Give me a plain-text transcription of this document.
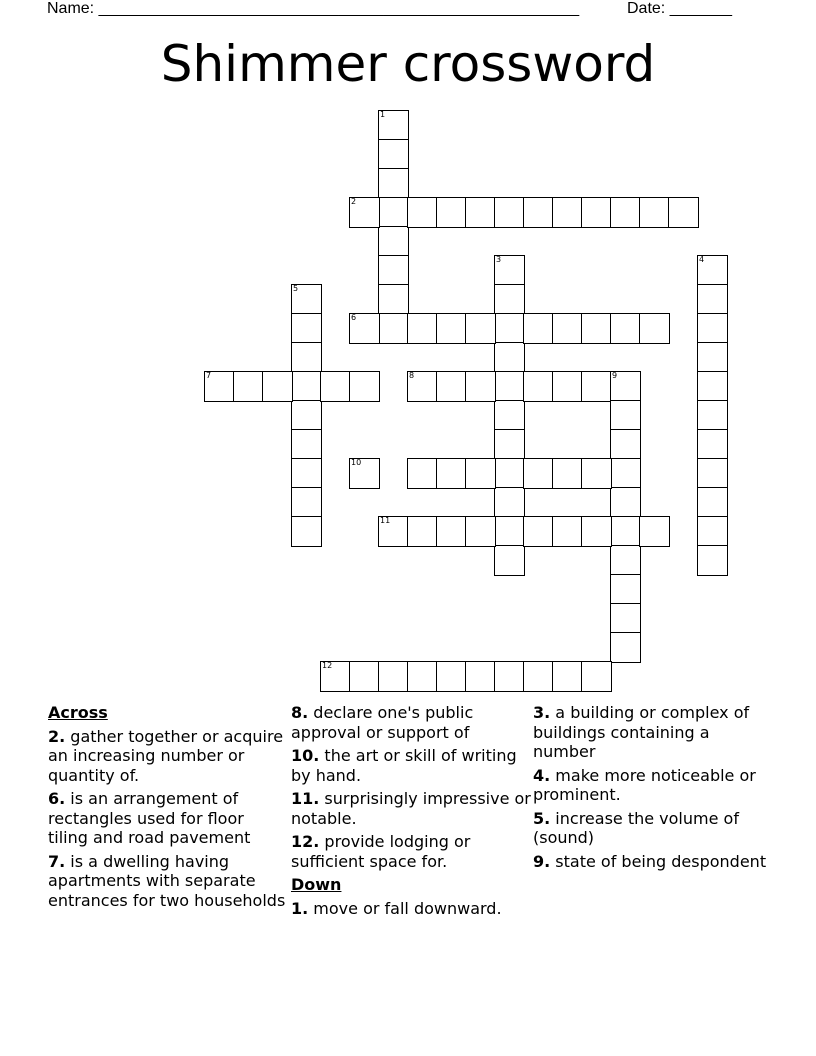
Name: ______________________________________________________	Date: _______
Shimmer crossword
1
2
3	4
5
6
7	8	9
10
11
12
Across
2. gather together or acquire an increasing number or quantity of.
6. is an arrangement of rectangles used for floor tiling and road pavement
7. is a dwelling having apartments with separate entrances for two households
8. declare one's public approval or support of
10. the art or skill of writing by hand.
11. surprisingly impressive or notable.
12. provide lodging or sufficient space for.
Down
1. move or fall downward.
3. a building or complex of buildings containing a number
4. make more noticeable or prominent.
5. increase the volume of (sound)
9. state of being despondent
